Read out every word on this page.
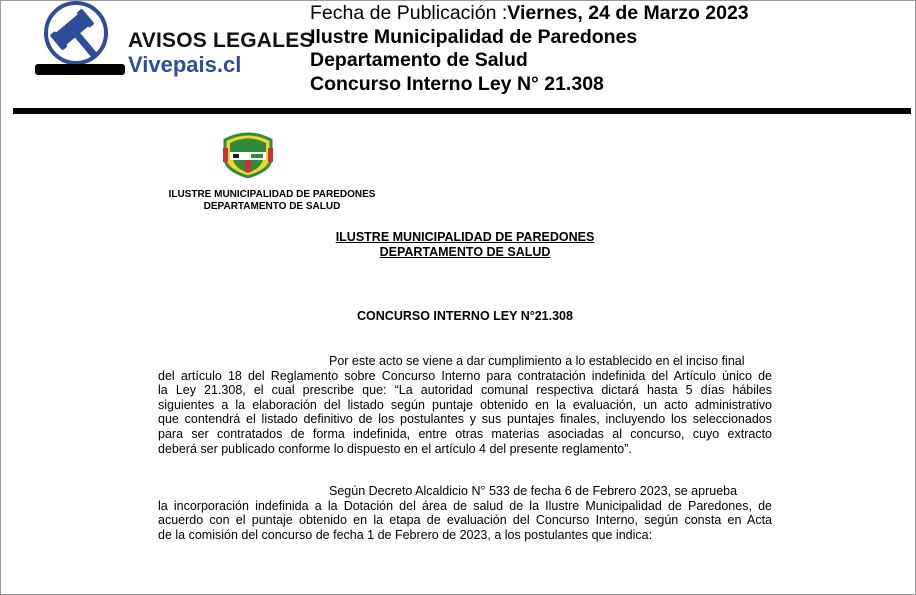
AVISOS LEGALES
Vivepais.cl
Fecha de Publicación :Viernes, 24 de Marzo 2023
Ilustre Municipalidad de Paredones
Departamento de Salud
Concurso Interno Ley N° 21.308
ILUSTRE MUNICIPALIDAD DE PAREDONES
DEPARTAMENTO DE SALUD
ILUSTRE MUNICIPALIDAD DE PAREDONES
DEPARTAMENTO DE SALUD
CONCURSO INTERNO LEY N°21.308
Por este acto se viene a dar cumplimiento a lo establecido en el inciso final
del artículo 18 del Reglamento sobre Concurso Interno para contratación indefinida del Artículo único de
la Ley 21.308, el cual prescribe que: “La autoridad comunal respectiva dictará hasta 5 días hábiles
siguientes a la elaboración del listado según puntaje obtenido en la evaluación, un acto administrativo
que contendrá el listado definitivo de los postulantes y sus puntajes finales, incluyendo los seleccionados
para ser contratados de forma indefinida, entre otras materias asociadas al concurso, cuyo extracto
deberá ser publicado conforme lo dispuesto en el artículo 4 del presente reglamento”.
Según Decreto Alcaldicio N° 533 de fecha 6 de Febrero 2023, se aprueba
la incorporación indefinida a la Dotación del área de salud de la Ilustre Municipalidad de Paredones, de
acuerdo con el puntaje obtenido en la etapa de evaluación del Concurso Interno, según consta en Acta
de la comisión del concurso de fecha 1 de Febrero de 2023, a los postulantes que indica:
